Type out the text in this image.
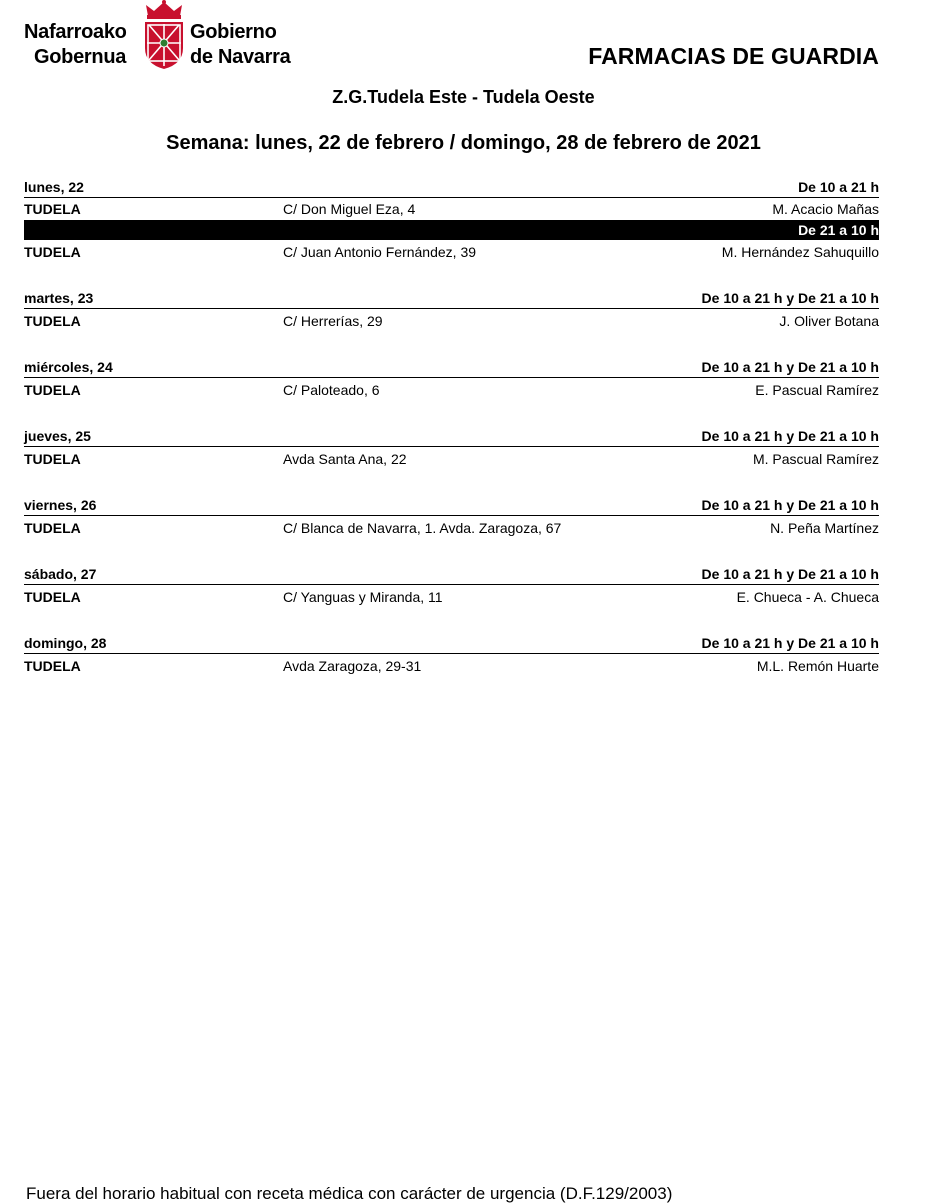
Nafarroako
Gobernua
Gobierno
de Navarra	FARMACIAS DE GUARDIA
Z.G.Tudela Este - Tudela Oeste
Semana: lunes, 22 de febrero / domingo, 28 de febrero de 2021
lunes, 22	De 10 a 21 h
TUDELA	C/ Don Miguel Eza, 4	M. Acacio Mañas
De 21 a 10 h
TUDELA	C/ Juan Antonio Fernández, 39	M. Hernández Sahuquillo
martes, 23	De 10 a 21 h y De 21 a 10 h
TUDELA	C/ Herrerías, 29	J. Oliver Botana
miércoles, 24	De 10 a 21 h y De 21 a 10 h
TUDELA	C/ Paloteado, 6	E. Pascual Ramírez
jueves, 25	De 10 a 21 h y De 21 a 10 h
TUDELA	Avda Santa Ana, 22	M. Pascual Ramírez
viernes, 26	De 10 a 21 h y De 21 a 10 h
TUDELA	C/ Blanca de Navarra, 1. Avda. Zaragoza, 67	N. Peña Martínez
sábado, 27	De 10 a 21 h y De 21 a 10 h
TUDELA	C/ Yanguas y Miranda, 11	E. Chueca - A. Chueca
domingo, 28	De 10 a 21 h y De 21 a 10 h
TUDELA	Avda Zaragoza, 29-31	M.L. Remón Huarte
Fuera del horario habitual con receta médica con carácter de urgencia (D.F.129/2003)
